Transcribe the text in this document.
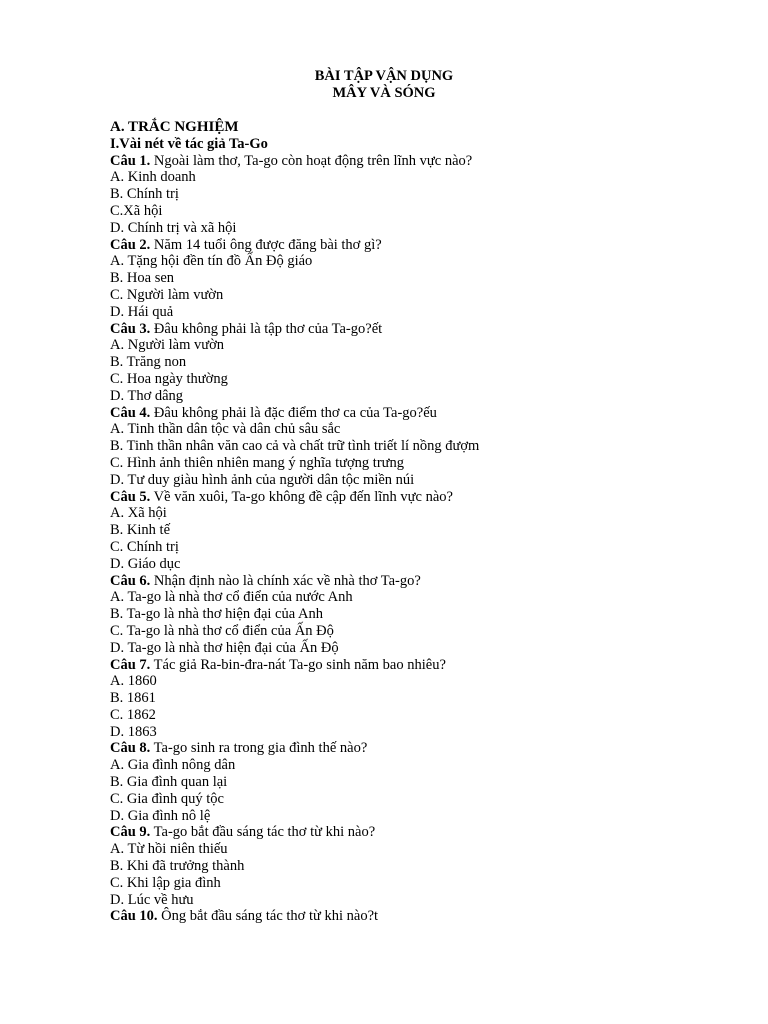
BÀI TẬP VẬN DỤNG
MÂY VÀ SÓNG
A. TRẮC NGHIỆM
I.Vài nét về tác giả Ta-Go
Câu 1. Ngoài làm thơ, Ta-go còn hoạt động trên lĩnh vực nào?
A. Kinh doanh
B. Chính trị
C.Xã hội
D. Chính trị và xã hội
Câu 2. Năm 14 tuổi ông được đăng bài thơ gì?
A. Tặng hội đền tín đồ Ấn Độ giáo
B. Hoa sen
C. Người làm vườn
D. Hái quả
Câu 3. Đâu không phải là tập thơ của Ta-go?ết
A. Người làm vườn
B. Trăng non
C. Hoa ngày thường
D. Thơ dâng
Câu 4. Đâu không phải là đặc điểm thơ ca của Ta-go?ếu
A. Tinh thần dân tộc và dân chủ sâu sắc
B. Tinh thần nhân văn cao cả và chất trữ tình triết lí nồng đượm
C. Hình ảnh thiên nhiên mang ý nghĩa tượng trưng
D. Tư duy giàu hình ảnh của người dân tộc miền núi
Câu 5. Về văn xuôi, Ta-go không đề cập đến lĩnh vực nào?
A. Xã hội
B. Kinh tế
C. Chính trị
D. Giáo dục
Câu 6. Nhận định nào là chính xác về nhà thơ Ta-go?
A. Ta-go là nhà thơ cổ điển của nước Anh
B. Ta-go là nhà thơ hiện đại của Anh
C. Ta-go là nhà thơ cổ điển của Ấn Độ
D. Ta-go là nhà thơ hiện đại của Ấn Độ
Câu 7. Tác giả Ra-bin-đra-nát Ta-go sinh năm bao nhiêu?
A. 1860
B. 1861
C. 1862
D. 1863
Câu 8. Ta-go sinh ra trong gia đình thế nào?
A. Gia đình nông dân
B. Gia đình quan lại
C. Gia đình quý tộc
D. Gia đình nô lệ
Câu 9. Ta-go bắt đầu sáng tác thơ từ khi nào?
A. Từ hồi niên thiếu
B. Khi đã trưởng thành
C. Khi lập gia đình
D. Lúc về hưu
Câu 10. Ông bắt đầu sáng tác thơ từ khi nào?t
